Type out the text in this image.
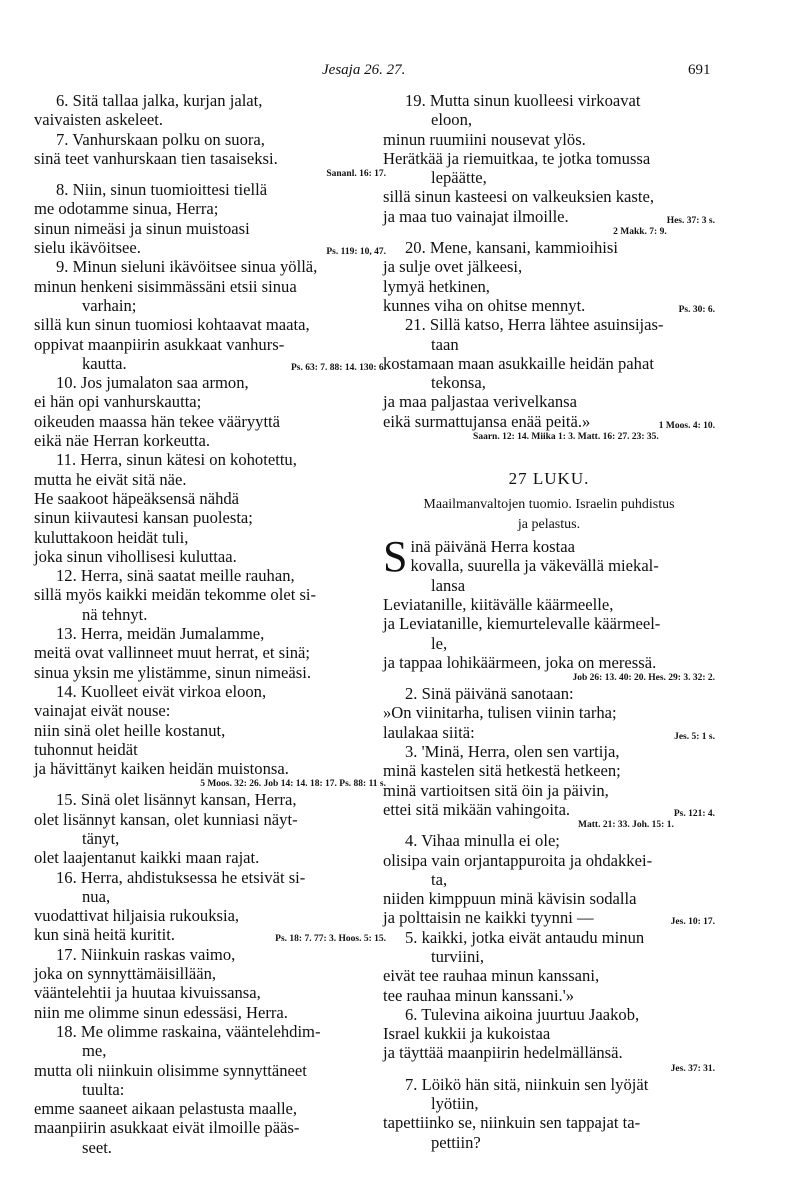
Jesaja 26. 27.	691
6. Sitä tallaa jalka, kurjan jalat,
vaivaisten askeleet.
7. Vanhurskaan polku on suora,
sinä teet vanhurskaan tien tasaiseksi.
Sananl. 16: 17.
8. Niin, sinun tuomioittesi tiellä
me odotamme sinua, Herra;
sinun nimeäsi ja sinun muistoasi
sielu ikävöitsee.	Ps. 119: 10, 47.
9. Minun sieluni ikävöitsee sinua yöllä,
minun henkeni sisimmässäni etsii sinua
varhain;
sillä kun sinun tuomiosi kohtaavat maata,
oppivat maanpiirin asukkaat vanhurs-
kautta.	Ps. 63: 7. 88: 14. 130: 6.
10. Jos jumalaton saa armon,
ei hän opi vanhurskautta;
oikeuden maassa hän tekee vääryyttä
eikä näe Herran korkeutta.
11. Herra, sinun kätesi on kohotettu,
mutta he eivät sitä näe.
He saakoot häpeäksensä nähdä
sinun kiivautesi kansan puolesta;
kuluttakoon heidät tuli,
joka sinun vihollisesi kuluttaa.
12. Herra, sinä saatat meille rauhan,
sillä myös kaikki meidän tekomme olet si-
nä tehnyt.
13. Herra, meidän Jumalamme,
meitä ovat vallinneet muut herrat, et sinä;
sinua yksin me ylistämme, sinun nimeäsi.
14. Kuolleet eivät virkoa eloon,
vainajat eivät nouse:
niin sinä olet heille kostanut,
tuhonnut heidät
ja hävittänyt kaiken heidän muistonsa.
5 Moos. 32: 26. Job 14: 14. 18: 17. Ps. 88: 11 s.
15. Sinä olet lisännyt kansan, Herra,
olet lisännyt kansan, olet kunniasi näyt-
tänyt,
olet laajentanut kaikki maan rajat.
16. Herra, ahdistuksessa he etsivät si-
nua,
vuodattivat hiljaisia rukouksia,
kun sinä heitä kuritit.	Ps. 18: 7. 77: 3. Hoos. 5: 15.
17. Niinkuin raskas vaimo,
joka on synnyttämäisillään,
vääntelehtii ja huutaa kivuissansa,
niin me olimme sinun edessäsi, Herra.
18. Me olimme raskaina, vääntelehdim-
me,
mutta oli niinkuin olisimme synnyttäneet
tuulta:
emme saaneet aikaan pelastusta maalle,
maanpiirin asukkaat eivät ilmoille pääs-
seet.
19. Mutta sinun kuolleesi virkoavat
eloon,
minun ruumiini nousevat ylös.
Herätkää ja riemuitkaa, te jotka tomussa
lepäätte,
sillä sinun kasteesi on valkeuksien kaste,
ja maa tuo vainajat ilmoille.	Hes. 37: 3 s.
2 Makk. 7: 9.
20. Mene, kansani, kammioihisi
ja sulje ovet jälkeesi,
lymyä hetkinen,
kunnes viha on ohitse mennyt.	Ps. 30: 6.
21. Sillä katso, Herra lähtee asuinsijas-
taan
kostamaan maan asukkaille heidän pahat
tekonsa,
ja maa paljastaa verivelkansa
eikä surmattujansa enää peitä.»	1 Moos. 4: 10.
Saarn. 12: 14. Miika 1: 3. Matt. 16: 27. 23: 35.
27 LUKU.
Maailmanvaltojen tuomio. Israelin puhdistus
ja pelastus.
S inä päivänä Herra kostaa
kovalla, suurella ja väkevällä miekal-
lansa
Leviatanille, kiitävälle käärmeelle,
ja Leviatanille, kiemurtelevalle käärmeel-
le,
ja tappaa lohikäärmeen, joka on meressä.
Job 26: 13. 40: 20. Hes. 29: 3. 32: 2.
2. Sinä päivänä sanotaan:
»On viinitarha, tulisen viinin tarha;
laulakaa siitä:	Jes. 5: 1 s.
3. 'Minä, Herra, olen sen vartija,
minä kastelen sitä hetkestä hetkeen;
minä vartioitsen sitä öin ja päivin,
ettei sitä mikään vahingoita.	Ps. 121: 4.
Matt. 21: 33. Joh. 15: 1.
4. Vihaa minulla ei ole;
olisipa vain orjantappuroita ja ohdakkei-
ta,
niiden kimppuun minä kävisin sodalla
ja polttaisin ne kaikki tyynni —	Jes. 10: 17.
5. kaikki, jotka eivät antaudu minun
turviini,
eivät tee rauhaa minun kanssani,
tee rauhaa minun kanssani.'»
6. Tulevina aikoina juurtuu Jaakob,
Israel kukkii ja kukoistaa
ja täyttää maanpiirin hedelmällänsä.
Jes. 37: 31.
7. Löikö hän sitä, niinkuin sen lyöjät
lyötiin,
tapettiinko se, niinkuin sen tappajat ta-
pettiin?
